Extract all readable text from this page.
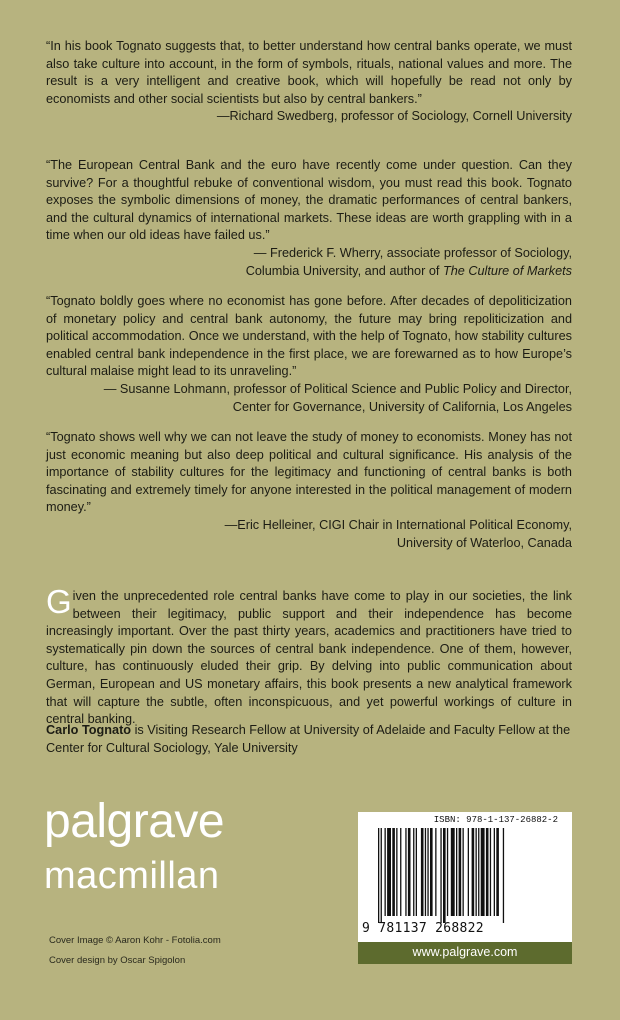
“In his book Tognato suggests that, to better understand how central banks operate, we must also take culture into account, in the form of symbols, rituals, national values and more. The result is a very intelligent and creative book, which will hopefully be read not only by economists and other social scientists but also by central bankers.”
—Richard Swedberg, professor of Sociology, Cornell University
“The European Central Bank and the euro have recently come under question. Can they survive? For a thoughtful rebuke of conventional wisdom, you must read this book. Tognato exposes the symbolic dimensions of money, the dramatic performances of central bankers, and the cultural dynamics of international markets. These ideas are worth grappling with in a time when our old ideas have failed us.”
— Frederick F. Wherry, associate professor of Sociology,
Columbia University, and author of The Culture of Markets
“Tognato boldly goes where no economist has gone before. After decades of depoliticization of monetary policy and central bank autonomy, the future may bring repoliticization and political accommodation. Once we understand, with the help of Tognato, how stability cultures enabled central bank independence in the first place, we are forewarned as to how Europe’s cultural malaise might lead to its unraveling.”
— Susanne Lohmann, professor of Political Science and Public Policy and Director,
Center for Governance, University of California, Los Angeles
“Tognato shows well why we can not leave the study of money to economists. Money has not just economic meaning but also deep political and cultural significance. His analysis of the importance of stability cultures for the legitimacy and functioning of central banks is both fascinating and extremely timely for anyone interested in the political management of modern money.”
—Eric Helleiner, CIGI Chair in International Political Economy,
University of Waterloo, Canada
Given the unprecedented role central banks have come to play in our societies, the link between their legitimacy, public support and their independence has become increasingly important. Over the past thirty years, academics and practitioners have tried to systematically pin down the sources of central bank independence. One of them, however, culture, has continuously eluded their grip. By delving into public communication about German, European and US monetary affairs, this book presents a new analytical framework that will capture the subtle, often inconspicuous, and yet powerful workings of culture in central banking.
Carlo Tognato is Visiting Research Fellow at University of Adelaide and Faculty Fellow at the Center for Cultural Sociology, Yale University
palgrave
macmillan
Cover Image © Aaron Kohr - Fotolia.com
Cover design by Oscar Spigolon
ISBN: 978-1-137-26882-2
9 781137 268822
www.palgrave.com
